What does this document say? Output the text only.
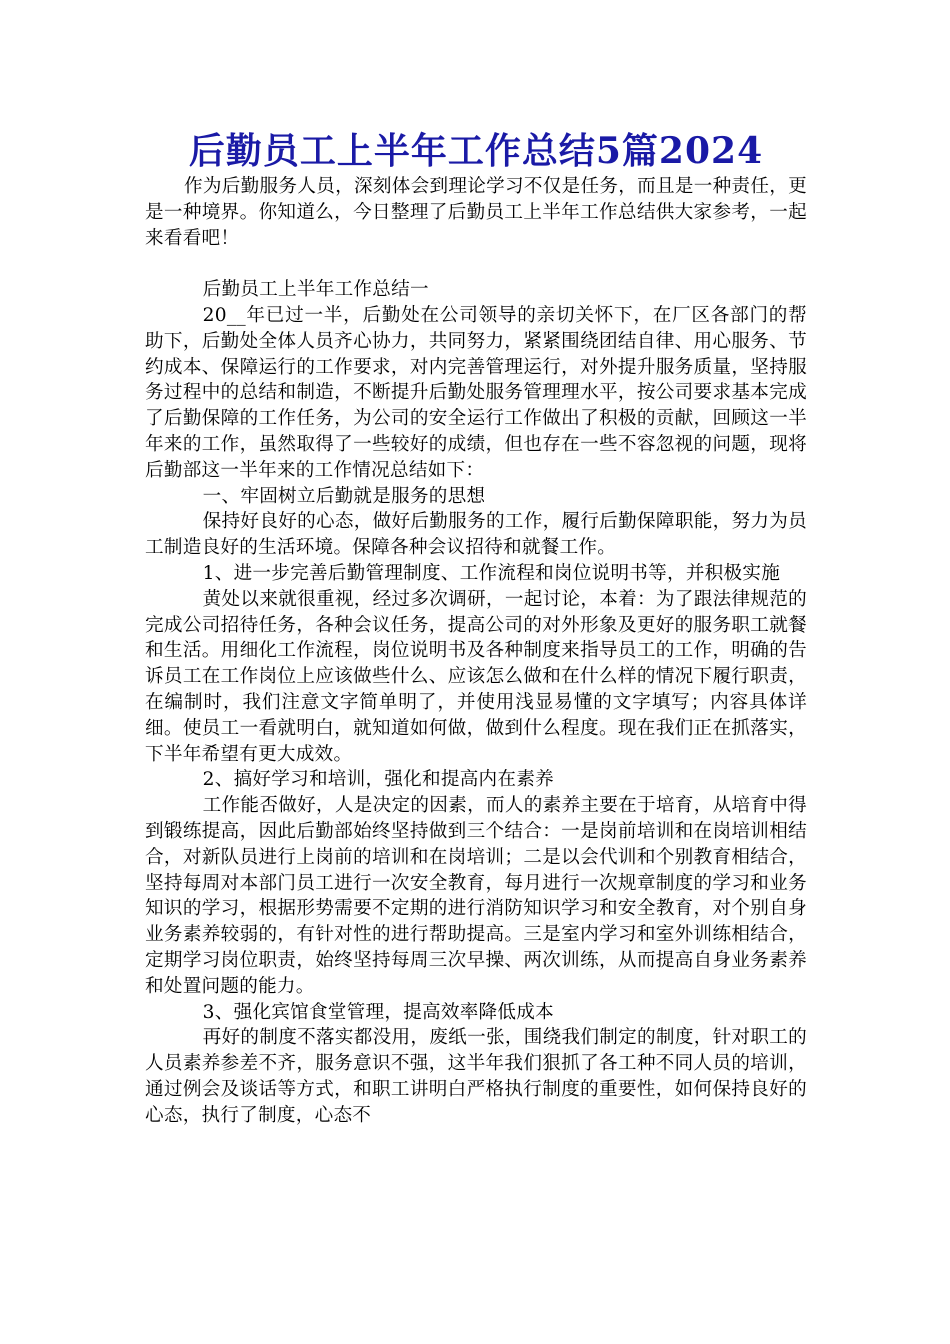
后勤员工上半年工作总结5篇2024

作为后勤服务人员，深刻体会到理论学习不仅是任务，而且是一种责任，更是一种境界。你知道么，今日整理了后勤员工上半年工作总结供大家参考，一起来看看吧！

后勤员工上半年工作总结一

20__年已过一半，后勤处在公司领导的亲切关怀下，在厂区各部门的帮助下，后勤处全体人员齐心协力，共同努力，紧紧围绕团结自律、用心服务、节约成本、保障运行的工作要求，对内完善管理运行，对外提升服务质量，坚持服务过程中的总结和制造，不断提升后勤处服务管理理水平，按公司要求基本完成了后勤保障的工作任务，为公司的安全运行工作做出了积极的贡献，回顾这一半年来的工作，虽然取得了一些较好的成绩，但也存在一些不容忽视的问题，现将后勤部这一半年来的工作情况总结如下：

一、牢固树立后勤就是服务的思想

保持好良好的心态，做好后勤服务的工作，履行后勤保障职能，努力为员工制造良好的生活环境。保障各种会议招待和就餐工作。

1、进一步完善后勤管理制度、工作流程和岗位说明书等，并积极实施

黄处以来就很重视，经过多次调研，一起讨论，本着：为了跟法律规范的完成公司招待任务，各种会议任务，提高公司的对外形象及更好的服务职工就餐和生活。用细化工作流程，岗位说明书及各种制度来指导员工的工作，明确的告诉员工在工作岗位上应该做些什么、应该怎么做和在什么样的情况下履行职责，在编制时，我们注意文字简单明了，并使用浅显易懂的文字填写；内容具体详细。使员工一看就明白，就知道如何做，做到什么程度。现在我们正在抓落实，下半年希望有更大成效。

2、搞好学习和培训，强化和提高内在素养

工作能否做好，人是决定的因素，而人的素养主要在于培育，从培育中得到锻练提高，因此后勤部始终坚持做到三个结合：一是岗前培训和在岗培训相结合，对新队员进行上岗前的培训和在岗培训；二是以会代训和个别教育相结合，坚持每周对本部门员工进行一次安全教育，每月进行一次规章制度的学习和业务知识的学习，根据形势需要不定期的进行消防知识学习和安全教育，对个别自身业务素养较弱的，有针对性的进行帮助提高。三是室内学习和室外训练相结合，定期学习岗位职责，始终坚持每周三次早操、两次训练，从而提高自身业务素养和处置问题的能力。

3、强化宾馆食堂管理，提高效率降低成本

再好的制度不落实都没用，废纸一张，围绕我们制定的制度，针对职工的人员素养参差不齐，服务意识不强，这半年我们狠抓了各工种不同人员的培训，通过例会及谈话等方式，和职工讲明白严格执行制度的重要性，如何保持良好的心态，执行了制度，心态不
